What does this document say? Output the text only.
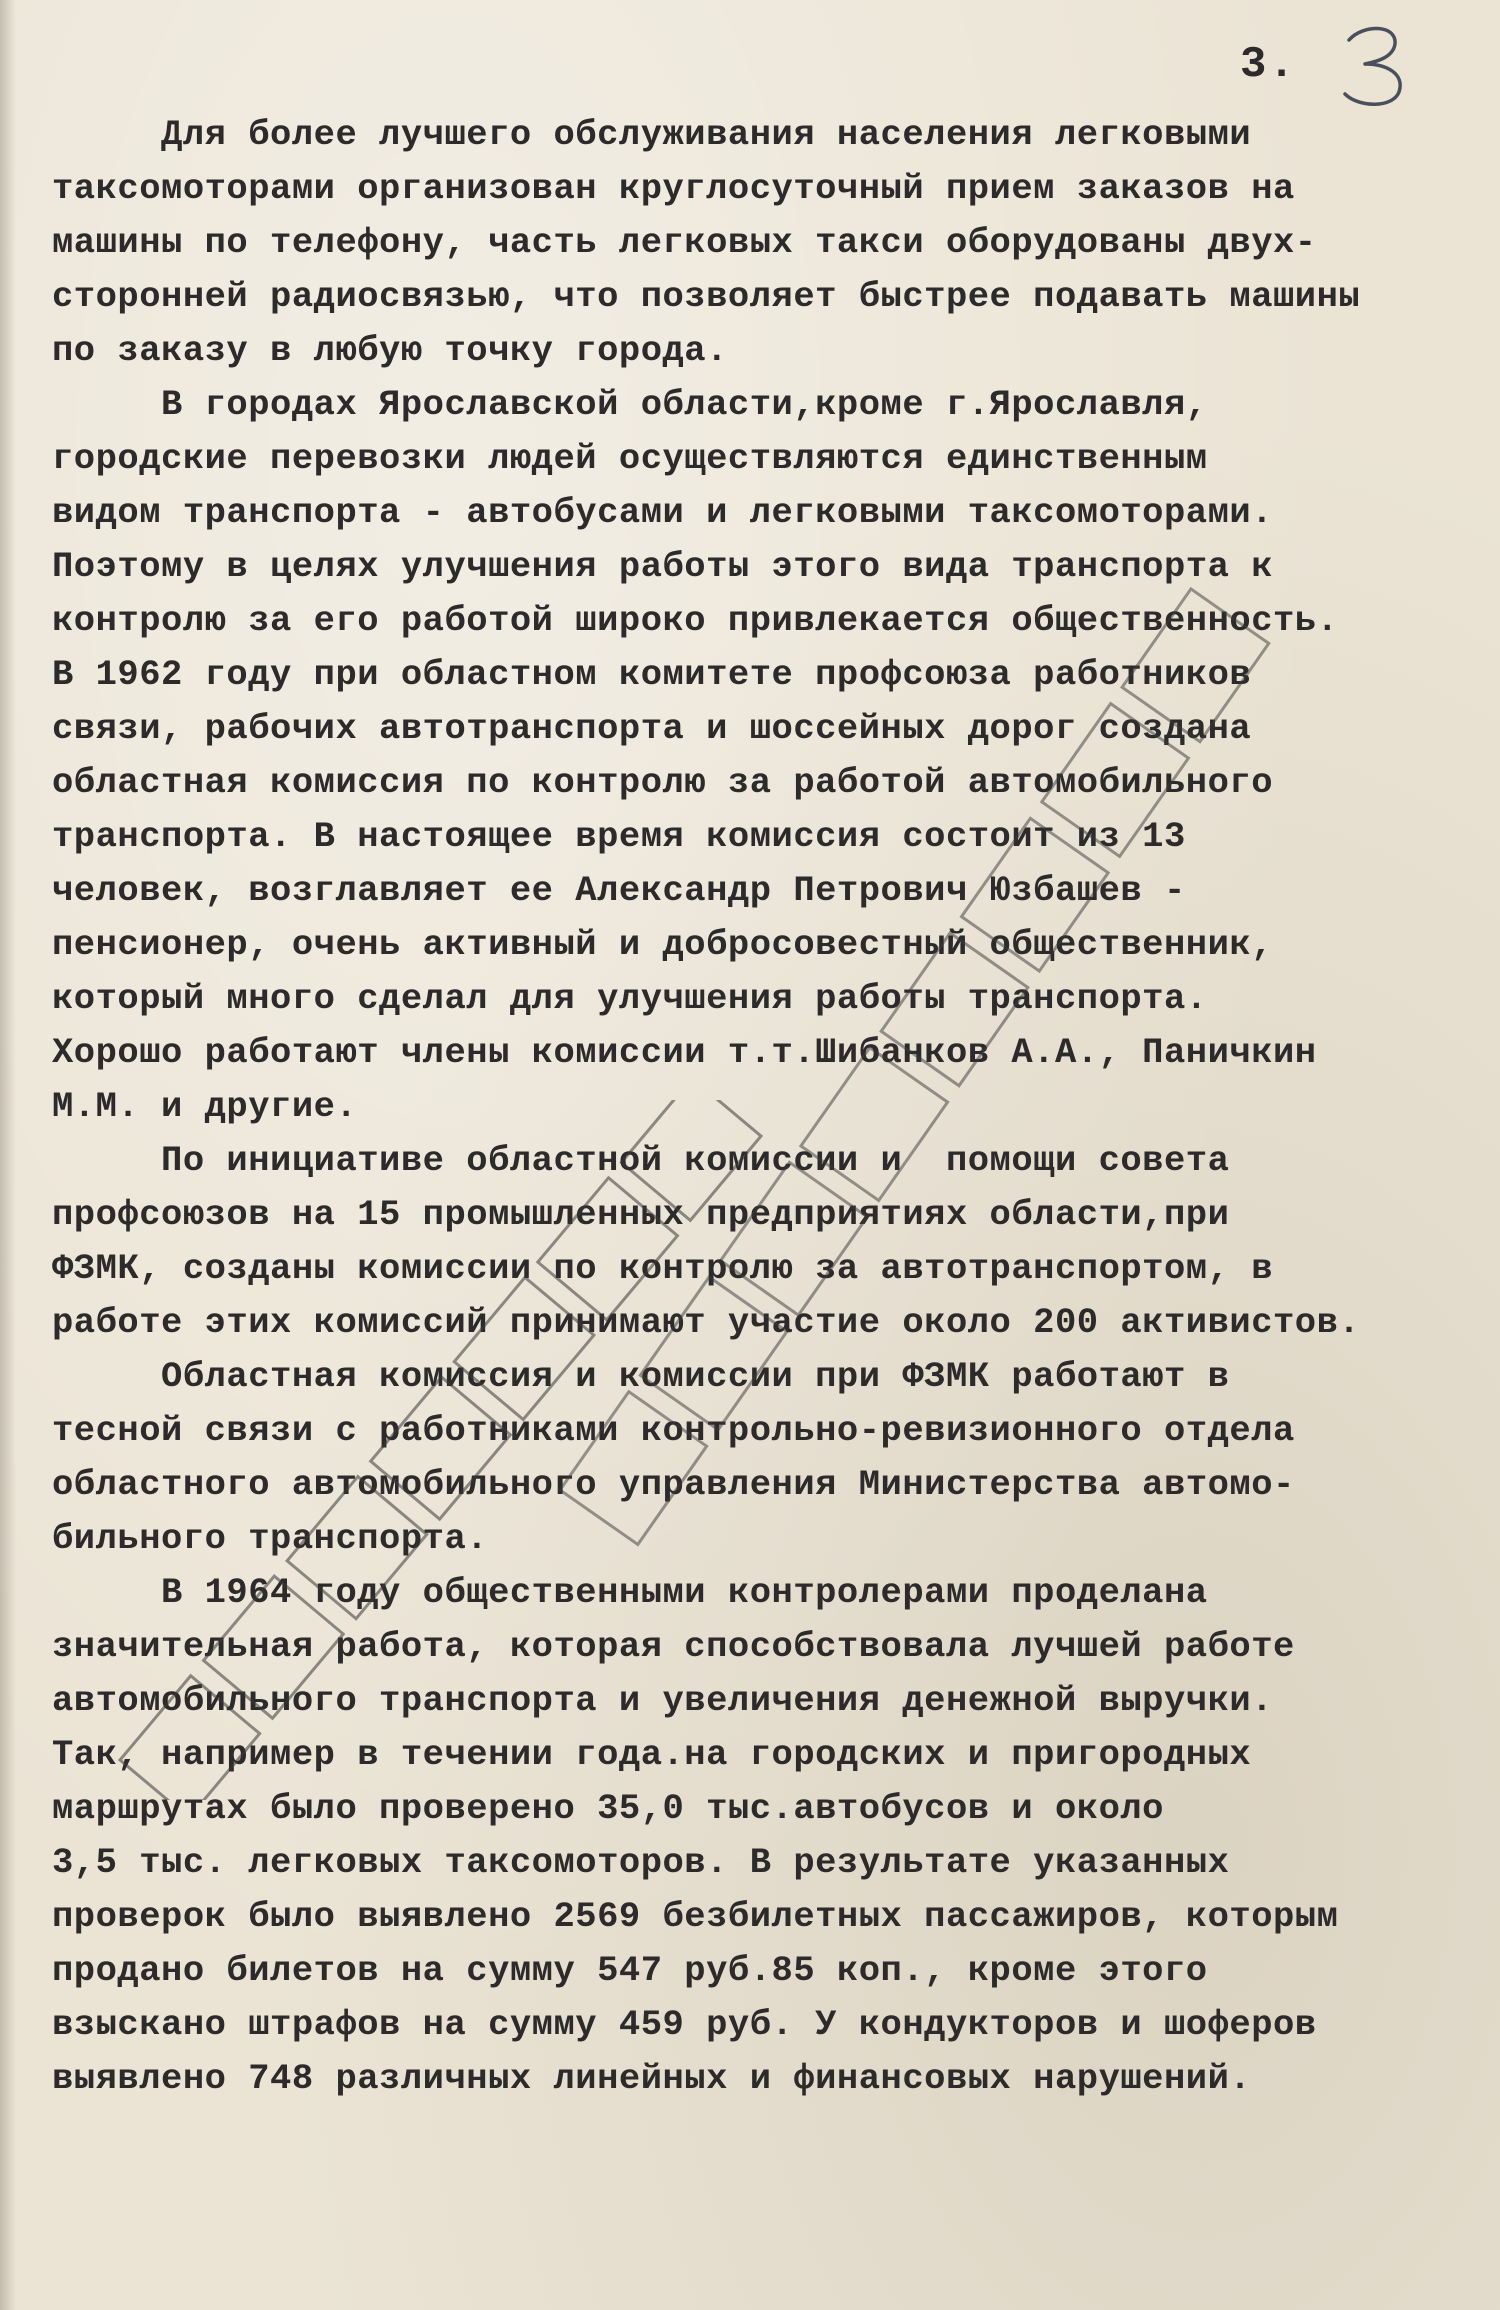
3.
Для более лучшего обслуживания населения легковыми
таксомоторами организован круглосуточный прием заказов на
машины по телефону, часть легковых такси оборудованы двух-
сторонней радиосвязью, что позволяет быстрее подавать машины
по заказу в любую точку города.
В городах Ярославской области,кроме г.Ярославля,
городские перевозки людей осуществляются единственным
видом транспорта - автобусами и легковыми таксомоторами.
Поэтому в целях улучшения работы этого вида транспорта к
контролю за его работой широко привлекается общественность.
В 1962 году при областном комитете профсоюза работников
связи, рабочих автотранспорта и шоссейных дорог создана
областная комиссия по контролю за работой автомобильного
транспорта. В настоящее время комиссия состоит из 13
человек, возглавляет ее Александр Петрович Юзбашев -
пенсионер, очень активный и добросовестный общественник,
который много сделал для улучшения работы транспорта.
Хорошо работают члены комиссии т.т.Шибанков А.А., Паничкин
М.М. и другие.
По инициативе областной комиссии и  помощи совета
профсоюзов на 15 промышленных предприятиях области,при
ФЗМК, созданы комиссии по контролю за автотранспортом, в
работе этих комиссий принимают участие около 200 активистов.
Областная комиссия и комиссии при ФЗМК работают в
тесной связи с работниками контрольно-ревизионного отдела
областного автомобильного управления Министерства автомо-
бильного транспорта.
В 1964 году общественными контролерами проделана
значительная работа, которая способствовала лучшей работе
автомобильного транспорта и увеличения денежной выручки.
Так, например в течении года.на городских и пригородных
маршрутах было проверено 35,0 тыс.автобусов и около
3,5 тыс. легковых таксомоторов. В результате указанных
проверок было выявлено 2569 безбилетных пассажиров, которым
продано билетов на сумму 547 руб.85 коп., кроме этого
взыскано штрафов на сумму 459 руб. У кондукторов и шоферов
выявлено 748 различных линейных и финансовых нарушений.
